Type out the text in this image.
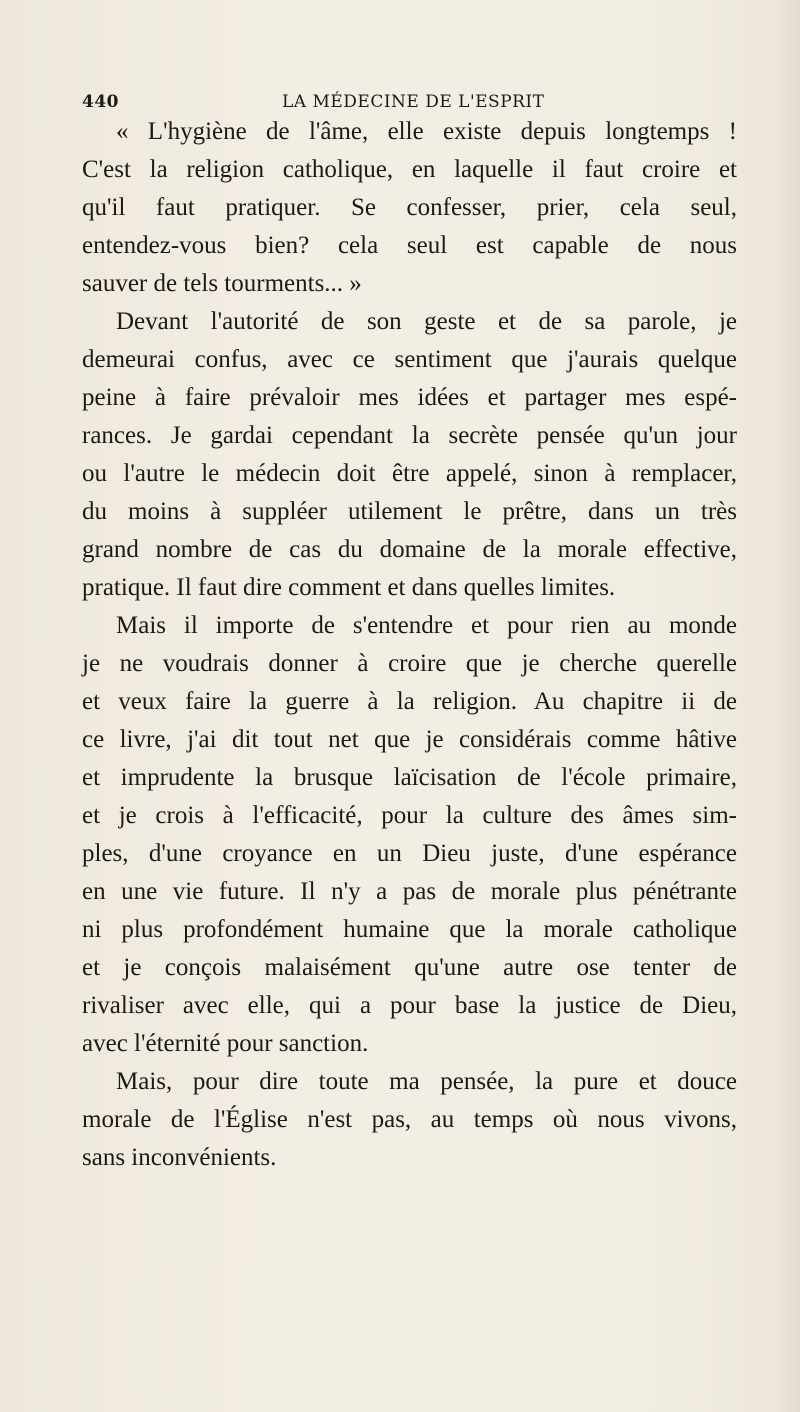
440	LA MÉDECINE DE L'ESPRIT
« L'hygiène de l'âme, elle existe depuis longtemps !
C'est la religion catholique, en laquelle il faut croire et
qu'il faut pratiquer. Se confesser, prier, cela seul,
entendez-vous bien? cela seul est capable de nous
sauver de tels tourments... »
Devant l'autorité de son geste et de sa parole, je
demeurai confus, avec ce sentiment que j'aurais quelque
peine à faire prévaloir mes idées et partager mes espé-
rances. Je gardai cependant la secrète pensée qu'un jour
ou l'autre le médecin doit être appelé, sinon à remplacer,
du moins à suppléer utilement le prêtre, dans un très
grand nombre de cas du domaine de la morale effective,
pratique. Il faut dire comment et dans quelles limites.
Mais il importe de s'entendre et pour rien au monde
je ne voudrais donner à croire que je cherche querelle
et veux faire la guerre à la religion. Au chapitre ii de
ce livre, j'ai dit tout net que je considérais comme hâtive
et imprudente la brusque laïcisation de l'école primaire,
et je crois à l'efficacité, pour la culture des âmes sim-
ples, d'une croyance en un Dieu juste, d'une espérance
en une vie future. Il n'y a pas de morale plus pénétrante
ni plus profondément humaine que la morale catholique
et je conçois malaisément qu'une autre ose tenter de
rivaliser avec elle, qui a pour base la justice de Dieu,
avec l'éternité pour sanction.
Mais, pour dire toute ma pensée, la pure et douce
morale de l'Église n'est pas, au temps où nous vivons,
sans inconvénients.
